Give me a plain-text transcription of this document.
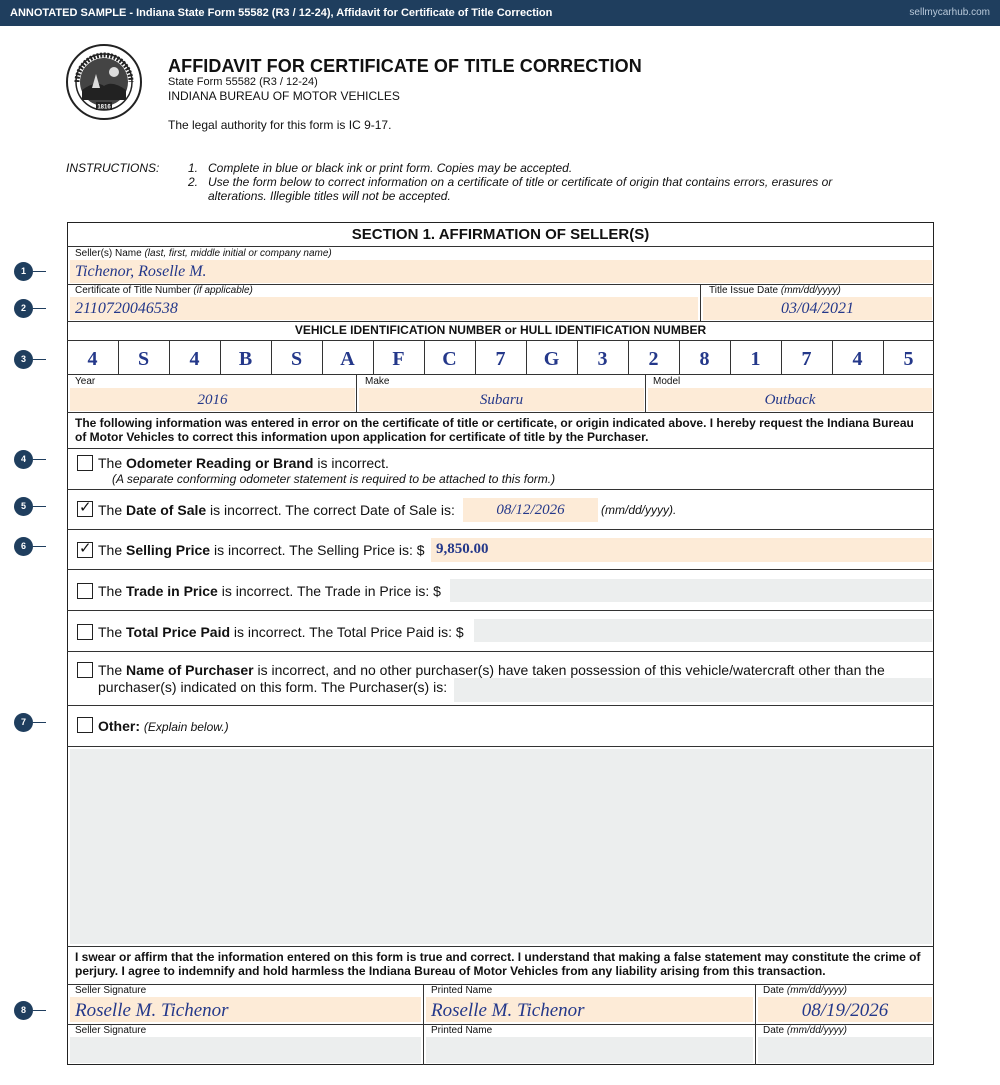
ANNOTATED SAMPLE - Indiana State Form 55582 (R3 / 12-24), Affidavit for Certificate of Title Correction	sellmycarhub.com
1816
AFFIDAVIT FOR CERTIFICATE OF TITLE CORRECTION
State Form 55582 (R3 / 12-24)
INDIANA BUREAU OF MOTOR VEHICLES
The legal authority for this form is IC 9-17.
INSTRUCTIONS: 1. Complete in blue or black ink or print form. Copies may be accepted.
2. Use the form below to correct information on a certificate of title or certificate of origin that contains errors, erasures or alterations. Illegible titles will not be accepted.
SECTION 1. AFFIRMATION OF SELLER(S)
Seller(s) Name (last, first, middle initial or company name)
Tichenor, Roselle M.
Certificate of Title Number (if applicable)
2110720046538
Title Issue Date (mm/dd/yyyy)
03/04/2021
VEHICLE IDENTIFICATION NUMBER or HULL IDENTIFICATION NUMBER
4	S	4	B	S	A	F	C	7	G	3	2	8	1	7	4	5
Year
2016
Make
Subaru
Model
Outback
The following information was entered in error on the certificate of title or certificate, or origin indicated above. I hereby request the Indiana Bureau of Motor Vehicles to correct this information upon application for certificate of title by the Purchaser.
The Odometer Reading or Brand is incorrect.
(A separate conforming odometer statement is required to be attached to this form.)
✓ The Date of Sale is incorrect. The correct Date of Sale is:	08/12/2026	(mm/dd/yyyy).
✓ The Selling Price is incorrect. The Selling Price is: $ 9,850.00
The Trade in Price is incorrect. The Trade in Price is: $
The Total Price Paid is incorrect. The Total Price Paid is: $
The Name of Purchaser is incorrect, and no other purchaser(s) have taken possession of this vehicle/watercraft other than the
purchaser(s) indicated on this form. The Purchaser(s) is:
Other: (Explain below.)
I swear or affirm that the information entered on this form is true and correct. I understand that making a false statement may constitute the crime of perjury. I agree to indemnify and hold harmless the Indiana Bureau of Motor Vehicles from any liability arising from this transaction.
Seller Signature
Roselle M. Tichenor
Printed Name
Roselle M. Tichenor
Date (mm/dd/yyyy)
08/19/2026
Seller Signature	Printed Name	Date (mm/dd/yyyy)
1
2
3
4
5
6
7
8
